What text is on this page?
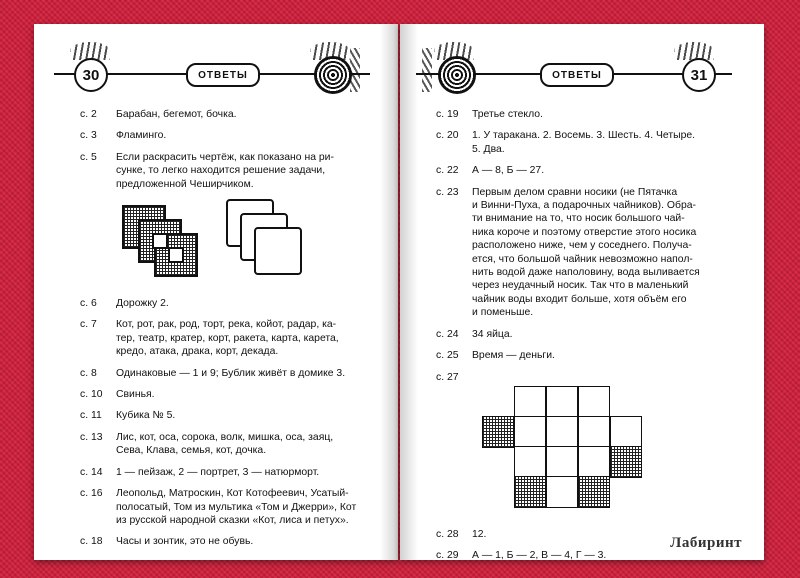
30	ОТВЕТЫ
с. 2	Барабан, бегемот, бочка.
с. 3	Фламинго.
с. 5	Если раскрасить чертёж, как показано на ри-
сунке, то легко находится решение задачи,
предложенной Чеширчиком.
с. 6	Дорожку 2.
с. 7	Кот, рот, рак, род, торт, река, койот, радар, ка-
тер, театр, кратер, корт, ракета, карта, карета,
кредо, атака, драка, корт, декада.
с. 8	Одинаковые — 1 и 9; Бублик живёт в домике 3.
с. 10	Свинья.
с. 11	Кубика № 5.
с. 13	Лис, кот, оса, сорока, волк, мишка, оса, заяц,
Сева, Клава, семья, кот, дочка.
с. 14	1 — пейзаж, 2 — портрет, 3 — натюрморт.
с. 16	Леопольд, Матроскин, Кот Котофеевич, Усатый-
полосатый, Том из мультика «Том и Джерри», Кот
из русской народной сказки «Кот, лиса и петух».
с. 18	Часы и зонтик, это не обувь.
ОТВЕТЫ	31
с. 19	Третье стекло.
с. 20	1. У таракана. 2. Восемь. 3. Шесть. 4. Четыре.
5. Два.
с. 22	А — 8, Б — 27.
с. 23	Первым делом сравни носики (не Пятачка
и Винни-Пуха, а подарочных чайников). Обра-
ти внимание на то, что носик большого чай-
ника короче и поэтому отверстие этого носика
расположено ниже, чем у соседнего. Получа-
ется, что большой чайник невозможно напол-
нить водой даже наполовину, вода выливается
через неудачный носик. Так что в маленький
чайник воды входит больше, хотя объём его
и поменьше.
с. 24	34 яйца.
с. 25	Время — деньги.
с. 27
с. 28	12.
с. 29	А — 1, Б — 2, В — 4, Г — 3.
Лабиринт
